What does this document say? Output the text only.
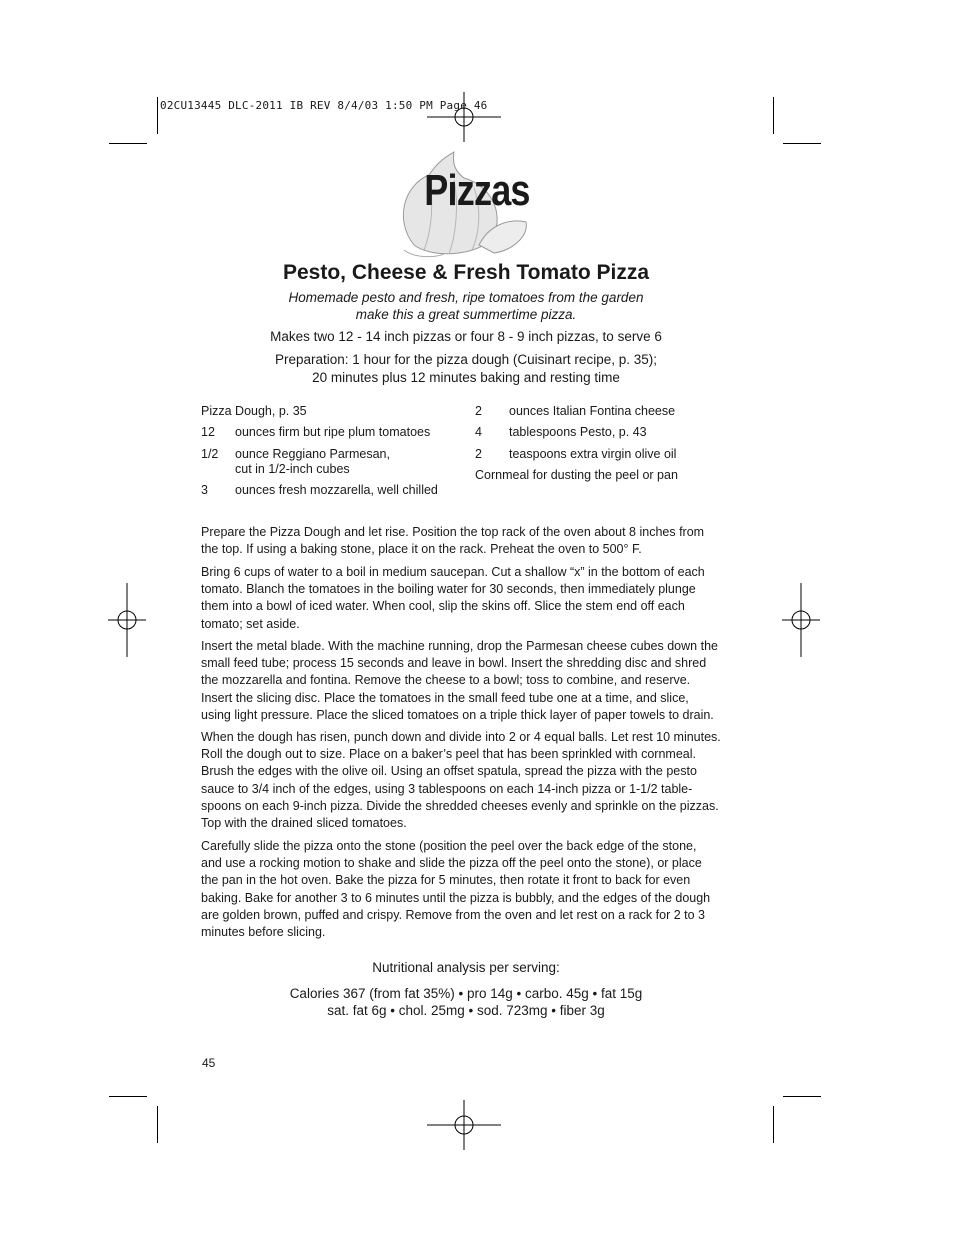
02CU13445 DLC-2011 IB REV 8/4/03 1:50 PM Page 46
Pizzas
Pesto, Cheese & Fresh Tomato Pizza
Homemade pesto and fresh, ripe tomatoes from the garden
make this a great summertime pizza.
Makes two 12 - 14 inch pizzas or four 8 - 9 inch pizzas, to serve 6
Preparation: 1 hour for the pizza dough (Cuisinart recipe, p. 35);
20 minutes plus 12 minutes baking and resting time
Pizza Dough, p. 35
12 ounces firm but ripe plum tomatoes
1/2 ounce Reggiano Parmesan,
cut in 1/2-inch cubes
3 ounces fresh mozzarella, well chilled
2 ounces Italian Fontina cheese
4 tablespoons Pesto, p. 43
2 teaspoons extra virgin olive oil
Cornmeal for dusting the peel or pan
Prepare the Pizza Dough and let rise. Position the top rack of the oven about 8 inches from
the top. If using a baking stone, place it on the rack. Preheat the oven to 500° F.
Bring 6 cups of water to a boil in medium saucepan. Cut a shallow “x” in the bottom of each
tomato. Blanch the tomatoes in the boiling water for 30 seconds, then immediately plunge
them into a bowl of iced water. When cool, slip the skins off. Slice the stem end off each
tomato; set aside.
Insert the metal blade. With the machine running, drop the Parmesan cheese cubes down the
small feed tube; process 15 seconds and leave in bowl. Insert the shredding disc and shred
the mozzarella and fontina. Remove the cheese to a bowl; toss to combine, and reserve.
Insert the slicing disc. Place the tomatoes in the small feed tube one at a time, and slice,
using light pressure. Place the sliced tomatoes on a triple thick layer of paper towels to drain.
When the dough has risen, punch down and divide into 2 or 4 equal balls. Let rest 10 minutes.
Roll the dough out to size. Place on a baker’s peel that has been sprinkled with cornmeal.
Brush the edges with the olive oil. Using an offset spatula, spread the pizza with the pesto
sauce to 3/4 inch of the edges, using 3 tablespoons on each 14-inch pizza or 1-1/2 table-
spoons on each 9-inch pizza. Divide the shredded cheeses evenly and sprinkle on the pizzas.
Top with the drained sliced tomatoes.
Carefully slide the pizza onto the stone (position the peel over the back edge of the stone,
and use a rocking motion to shake and slide the pizza off the peel onto the stone), or place
the pan in the hot oven. Bake the pizza for 5 minutes, then rotate it front to back for even
baking. Bake for another 3 to 6 minutes until the pizza is bubbly, and the edges of the dough
are golden brown, puffed and crispy. Remove from the oven and let rest on a rack for 2 to 3
minutes before slicing.
Nutritional analysis per serving:
Calories 367 (from fat 35%) • pro 14g • carbo. 45g • fat 15g
sat. fat 6g • chol. 25mg • sod. 723mg • fiber 3g
45
